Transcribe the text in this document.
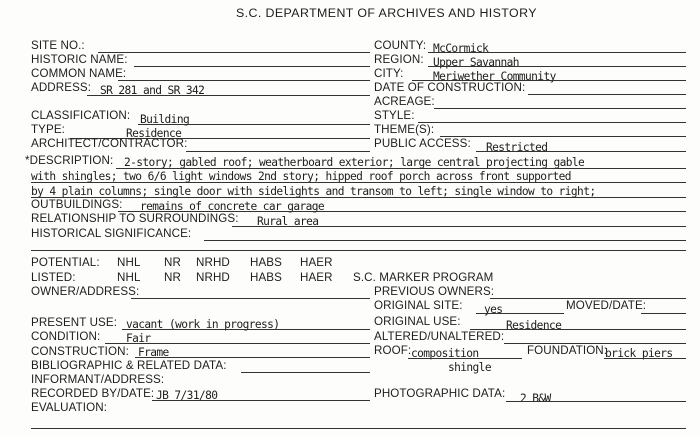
S.C. DEPARTMENT OF ARCHIVES AND HISTORY
SITE NO.:
HISTORIC NAME:
COMMON NAME:
ADDRESS: SR 281 and SR 342
CLASSIFICATION: Building
TYPE:	Residence
ARCHITECT/CONTRACTOR:
COUNTY: McCormick
REGION: Upper Savannah
CITY:	Meriwether Community
DATE OF CONSTRUCTION:
ACREAGE:
STYLE:
THEME(S):
PUBLIC ACCESS: Restricted
*DESCRIPTION: 2-story; gabled roof; weatherboard exterior; large central projecting gable
with shingles; two 6/6 light windows 2nd story; hipped roof porch across front supported
by 4 plain columns; single door with sidelights and transom to left; single window to right;
OUTBUILDINGS: remains of concrete car garage
RELATIONSHIP TO SURROUNDINGS: Rural area
HISTORICAL SIGNIFICANCE:
POTENTIAL: NHL NR NRHD HABS HAER
LISTED:	NHL NR NRHD HABS HAER S.C. MARKER PROGRAM
OWNER/ADDRESS:	PREVIOUS OWNERS:
ORIGINAL SITE: yes	MOVED/DATE:
PRESENT USE: vacant (work in progress)	ORIGINAL USE:	Residence
CONDITION: Fair	ALTERED/UNALTERED:
CONSTRUCTION: Frame	ROOF: composition
shingle
FOUNDATION:
brick piers
BIBLIOGRAPHIC & RELATED DATA:
INFORMANT/ADDRESS:
RECORDED BY/DATE: JB 7/31/80	PHOTOGRAPHIC DATA: 2 B&W
EVALUATION:
